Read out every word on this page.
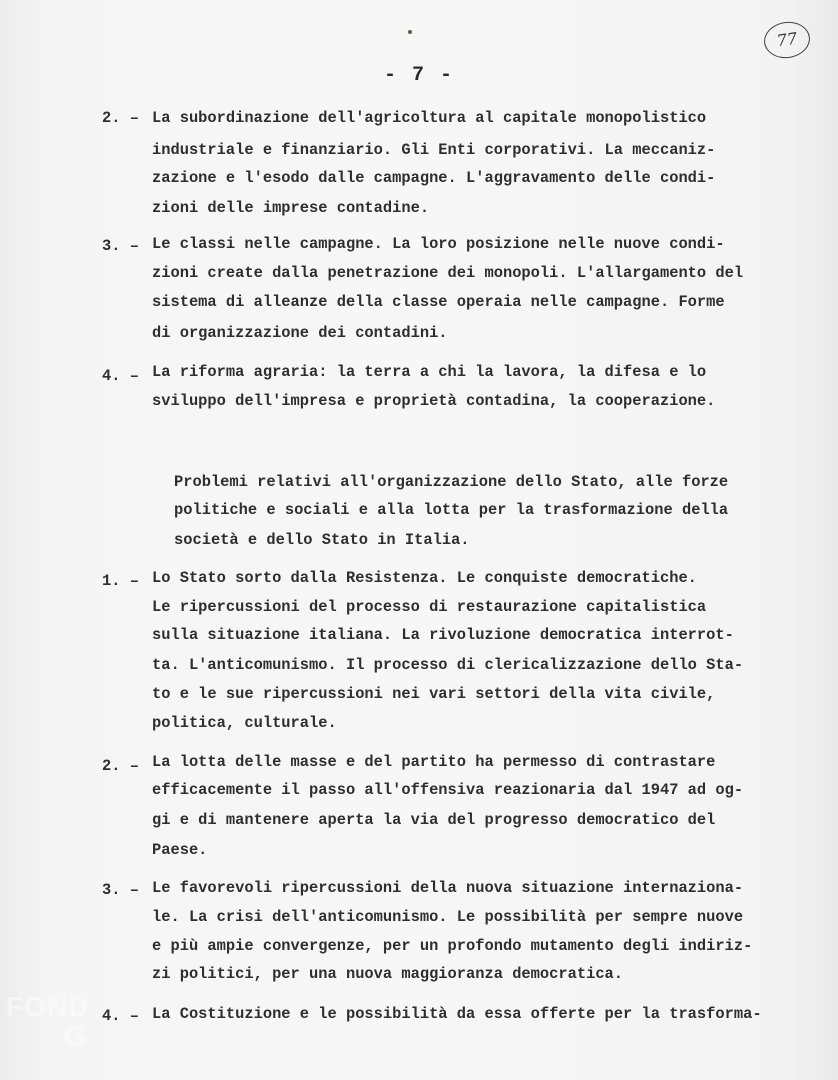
77
- 7 -
2. – La subordinazione dell'agricoltura al capitale monopolistico
industriale e finanziario. Gli Enti corporativi. La meccaniz-
zazione e l'esodo dalle campagne. L'aggravamento delle condi-
zioni delle imprese contadine.
3. – Le classi nelle campagne. La loro posizione nelle nuove condi-
zioni create dalla penetrazione dei monopoli. L'allargamento del
sistema di alleanze della classe operaia nelle campagne. Forme
di organizzazione dei contadini.
4. – La riforma agraria: la terra a chi la lavora, la difesa e lo
sviluppo dell'impresa e proprietà contadina, la cooperazione.
Problemi relativi all'organizzazione dello Stato, alle forze
politiche e sociali e alla lotta per la trasformazione della
società e dello Stato in Italia.
1. – Lo Stato sorto dalla Resistenza. Le conquiste democratiche.
Le ripercussioni del processo di restaurazione capitalistica
sulla situazione italiana. La rivoluzione democratica interrot-
ta. L'anticomunismo. Il processo di clericalizzazione dello Sta-
to e le sue ripercussioni nei vari settori della vita civile,
politica, culturale.
2. – La lotta delle masse e del partito ha permesso di contrastare
efficacemente il passo all'offensiva reazionaria dal 1947 ad og-
gi e di mantenere aperta la via del progresso democratico del
Paese.
3. – Le favorevoli ripercussioni della nuova situazione internaziona-
le. La crisi dell'anticomunismo. Le possibilità per sempre nuove
e più ampie convergenze, per un profondo mutamento degli indiriz-
zi politici, per una nuova maggioranza democratica.
4. – La Costituzione e le possibilità da essa offerte per la trasforma-
FOND
G
